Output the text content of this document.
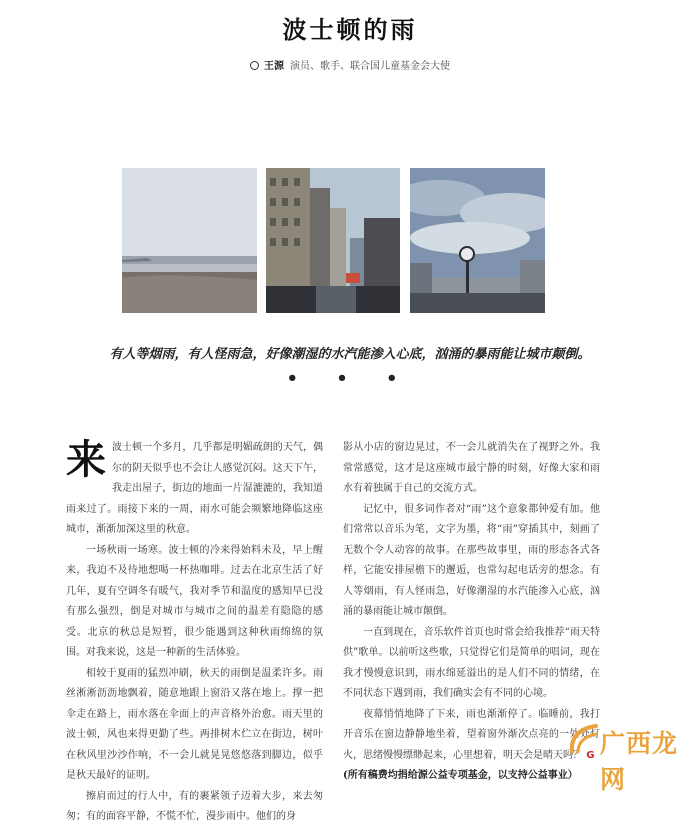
波士顿的雨
王源 演员、歌手、联合国儿童基金会大使
有人等烟雨，有人怪雨急，好像潮湿的水汽能渗入心底，汹涌的暴雨能让城市颠倒。
• • •

来波士顿一个多月，几乎都是明媚疏朗的天气，偶尔的阴天似乎也不会让人感觉沉闷。这天下午，我走出屋子，街边的地面一片湿漉漉的，我知道雨来过了。雨接下来的一周，雨水可能会频繁地降临这座城市，渐渐加深这里的秋意。

一场秋雨一场寒。波士顿的冷来得始料未及，早上醒来，我迫不及待地想喝一杯热咖啡。过去在北京生活了好几年，夏有空调冬有暖气，我对季节和温度的感知早已没有那么强烈，倒是对城市与城市之间的温差有隐隐的感受。北京的秋总是短暂，很少能遇到这种秋雨绵绵的氛围。对我来说，这是一种新的生活体验。

相较于夏雨的猛烈冲刷，秋天的雨倒是温柔许多。雨丝淅淅沥沥地飘着，随意地跟上窗沿又落在地上。撑一把伞走在路上，雨水落在伞面上的声音格外治愈。雨天里的波士顿，风也来得更勤了些。两排树木伫立在街边，树叶在秋风里沙沙作响，不一会儿就晃晃悠悠落到脚边，似乎是秋天最好的证明。

擦肩而过的行人中，有的裹紧领子迈着大步，来去匆匆；有的面容平静，不慌不忙，漫步雨中。他们的身

影从小店的窗边晃过，不一会儿就消失在了视野之外。我常常感觉，这才是这座城市最宁静的时刻，好像大家和雨水有着独属于自己的交流方式。

记忆中，很多词作者对“雨”这个意象都钟爱有加。他们常常以音乐为笔，文字为墨，将“雨”穿插其中，刻画了无数个令人动容的故事。在那些故事里，雨的形态各式各样，它能安排屋檐下的邂逅，也常勾起电话旁的想念。有人等烟雨，有人怪雨急，好像潮湿的水汽能渗入心底，汹涌的暴雨能让城市颠倒。

一直到现在，音乐软件首页也时常会给我推荐“雨天特供”歌单。以前听这些歌，只觉得它们是简单的唱词，现在我才慢慢意识到，雨水绵延溢出的是人们不同的情绪，在不同状态下遇到雨，我们确实会有不同的心境。

夜幕悄悄地降了下来，雨也渐渐停了。临睡前，我打开音乐在窗边静静地坐着，望着窗外渐次点亮的一处处灯火，思绪慢慢缥缈起来，心里想着，明天会是晴天吗？ G

(所有稿费均捐给源公益专项基金，以支持公益事业）

广西龙网
